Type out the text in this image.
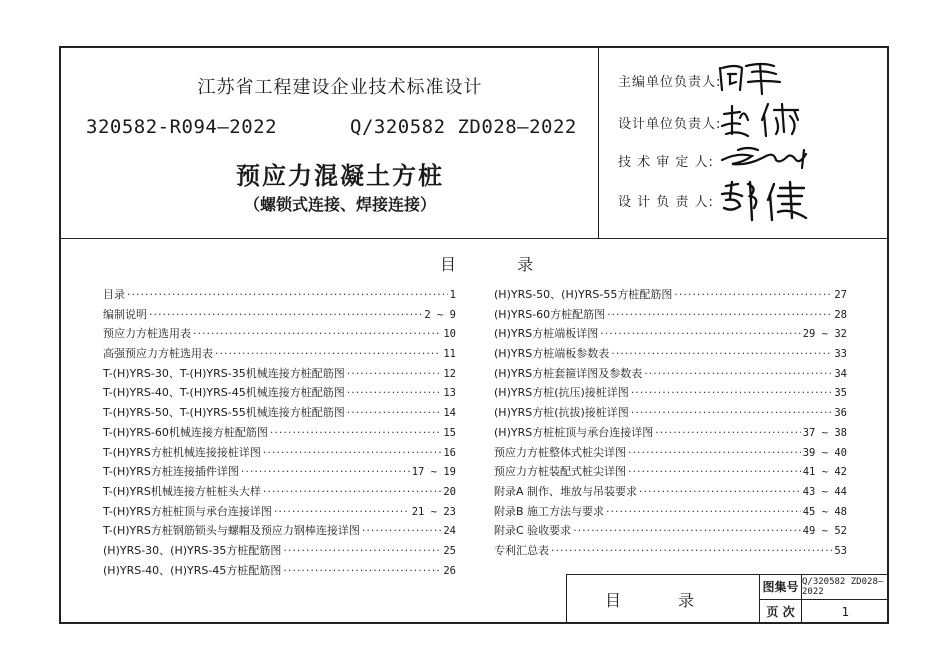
江苏省工程建设企业技术标准设计
320582-R094—2022	Q/320582 ZD028—2022
预应力混凝土方桩
（螺锁式连接、焊接连接）
主编单位负责人:
设计单位负责人:
技 术 审 定 人:
设 计 负 责 人:
目 录
目录 ·····	1
编制说明 ·····	2 ~ 9
预应力方桩选用表 ·····	10
高强预应力方桩选用表 ·····	11
T-(H)YRS-30、T-(H)YRS-35机械连接方桩配筋图 ·····	12
T-(H)YRS-40、T-(H)YRS-45机械连接方桩配筋图 ·····	13
T-(H)YRS-50、T-(H)YRS-55机械连接方桩配筋图 ·····	14
T-(H)YRS-60机械连接方桩配筋图 ·····	15
T-(H)YRS方桩机械连接接桩详图 ·····	16
T-(H)YRS方桩连接插件详图 ·····	17 ~ 19
T-(H)YRS机械连接方桩桩头大样 ·····	20
T-(H)YRS方桩桩顶与承台连接详图 ·····	21 ~ 23
T-(H)YRS方桩钢筋锁头与螺帽及预应力钢棒连接详图 ·····	24
(H)YRS-30、(H)YRS-35方桩配筋图 ·····	25
(H)YRS-40、(H)YRS-45方桩配筋图 ·····	26
(H)YRS-50、(H)YRS-55方桩配筋图 ·····	27
(H)YRS-60方桩配筋图 ·····	28
(H)YRS方桩端板详图 ·····	29 ~ 32
(H)YRS方桩端板参数表 ·····	33
(H)YRS方桩套箍详图及参数表 ·····	34
(H)YRS方桩(抗压)接桩详图 ·····	35
(H)YRS方桩(抗拔)接桩详图 ·····	36
(H)YRS方桩桩顶与承台连接详图 ·····	37 ~ 38
预应力方桩整体式桩尖详图 ·····	39 ~ 40
预应力方桩装配式桩尖详图 ·····	41 ~ 42
附录A 制作、堆放与吊装要求 ·····	43 ~ 44
附录B 施工方法与要求 ·····	45 ~ 48
附录C 验收要求 ·····	49 ~ 52
专利汇总表 ·····	53
目 录
图集号 Q/320582 ZD028—2022
页 次	1
